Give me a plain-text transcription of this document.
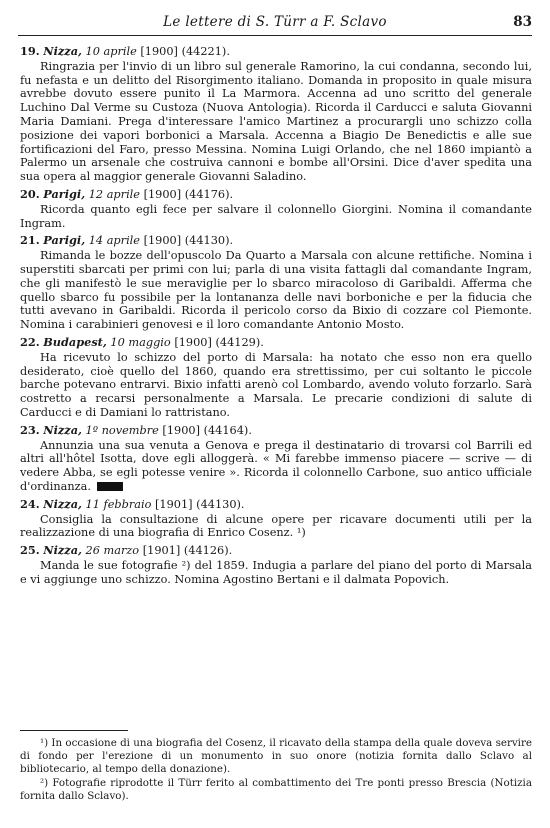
Le lettere di S. Türr a F. Sclavo	83
19. Nizza, 10 aprile [1900] (44221).

Ringrazia per l'invio di un libro sul generale Ramorino, la cui condanna, secondo lui, fu nefasta e un delitto del Risorgimento italiano. Domanda in proposito in quale misura avrebbe dovuto essere punito il La Marmora. Accenna ad uno scritto del generale Luchino Dal Verme su Custoza (Nuova Antologia). Ricorda il Carducci e saluta Giovanni Maria Damiani. Prega d'interessare l'amico Martinez a procurargli uno schizzo colla posizione dei vapori borbonici a Marsala. Accenna a Biagio De Benedictis e alle sue fortificazioni del Faro, presso Messina. Nomina Luigi Orlando, che nel 1860 impiantò a Palermo un arsenale che costruiva cannoni e bombe all'Orsini. Dice d'aver spedita una sua opera al maggior generale Giovanni Saladino.

20. Parigi, 12 aprile [1900] (44176).

Ricorda quanto egli fece per salvare il colonnello Giorgini. Nomina il comandante Ingram.

21. Parigi, 14 aprile [1900] (44130).

Rimanda le bozze dell'opuscolo Da Quarto a Marsala con alcune rettifiche. Nomina i superstiti sbarcati per primi con lui; parla di una visita fattagli dal comandante Ingram, che gli manifestò le sue meraviglie per lo sbarco miracoloso di Garibaldi. Afferma che quello sbarco fu possibile per la lontananza delle navi borboniche e per la fiducia che tutti avevano in Garibaldi. Ricorda il pericolo corso da Bixio di cozzare col Piemonte. Nomina i carabinieri genovesi e il loro comandante Antonio Mosto.

22. Budapest, 10 maggio [1900] (44129).

Ha ricevuto lo schizzo del porto di Marsala: ha notato che esso non era quello desiderato, cioè quello del 1860, quando era strettissimo, per cui soltanto le piccole barche potevano entrarvi. Bixio infatti arenò col Lombardo, avendo voluto forzarlo. Sarà costretto a recarsi personalmente a Marsala. Le precarie condizioni di salute di Carducci e di Damiani lo rattristano.

23. Nizza, 1º novembre [1900] (44164).

Annunzia una sua venuta a Genova e prega il destinatario di trovarsi col Barrili ed altri all'hôtel Isotta, dove egli alloggerà. « Mi farebbe immenso piacere — scrive — di vedere Abba, se egli potesse venire ». Ricorda il colonnello Carbone, suo antico ufficiale d'ordinanza.

24. Nizza, 11 febbraio [1901] (44130).

Consiglia la consultazione di alcune opere per ricavare documenti utili per la realizzazione di una biografia di Enrico Cosenz. ¹)

25. Nizza, 26 marzo [1901] (44126).

Manda le sue fotografie ²) del 1859. Indugia a parlare del piano del porto di Marsala e vi aggiunge uno schizzo. Nomina Agostino Bertani e il dalmata Popovich.

¹) In occasione di una biografia del Cosenz, il ricavato della stampa della quale doveva servire di fondo per l'erezione di un monumento in suo onore (notizia fornita dallo Sclavo al bibliotecario, al tempo della donazione).

²) Fotografie riprodotte il Türr ferito al combattimento dei Tre ponti presso Brescia (Notizia fornita dallo Sclavo).
